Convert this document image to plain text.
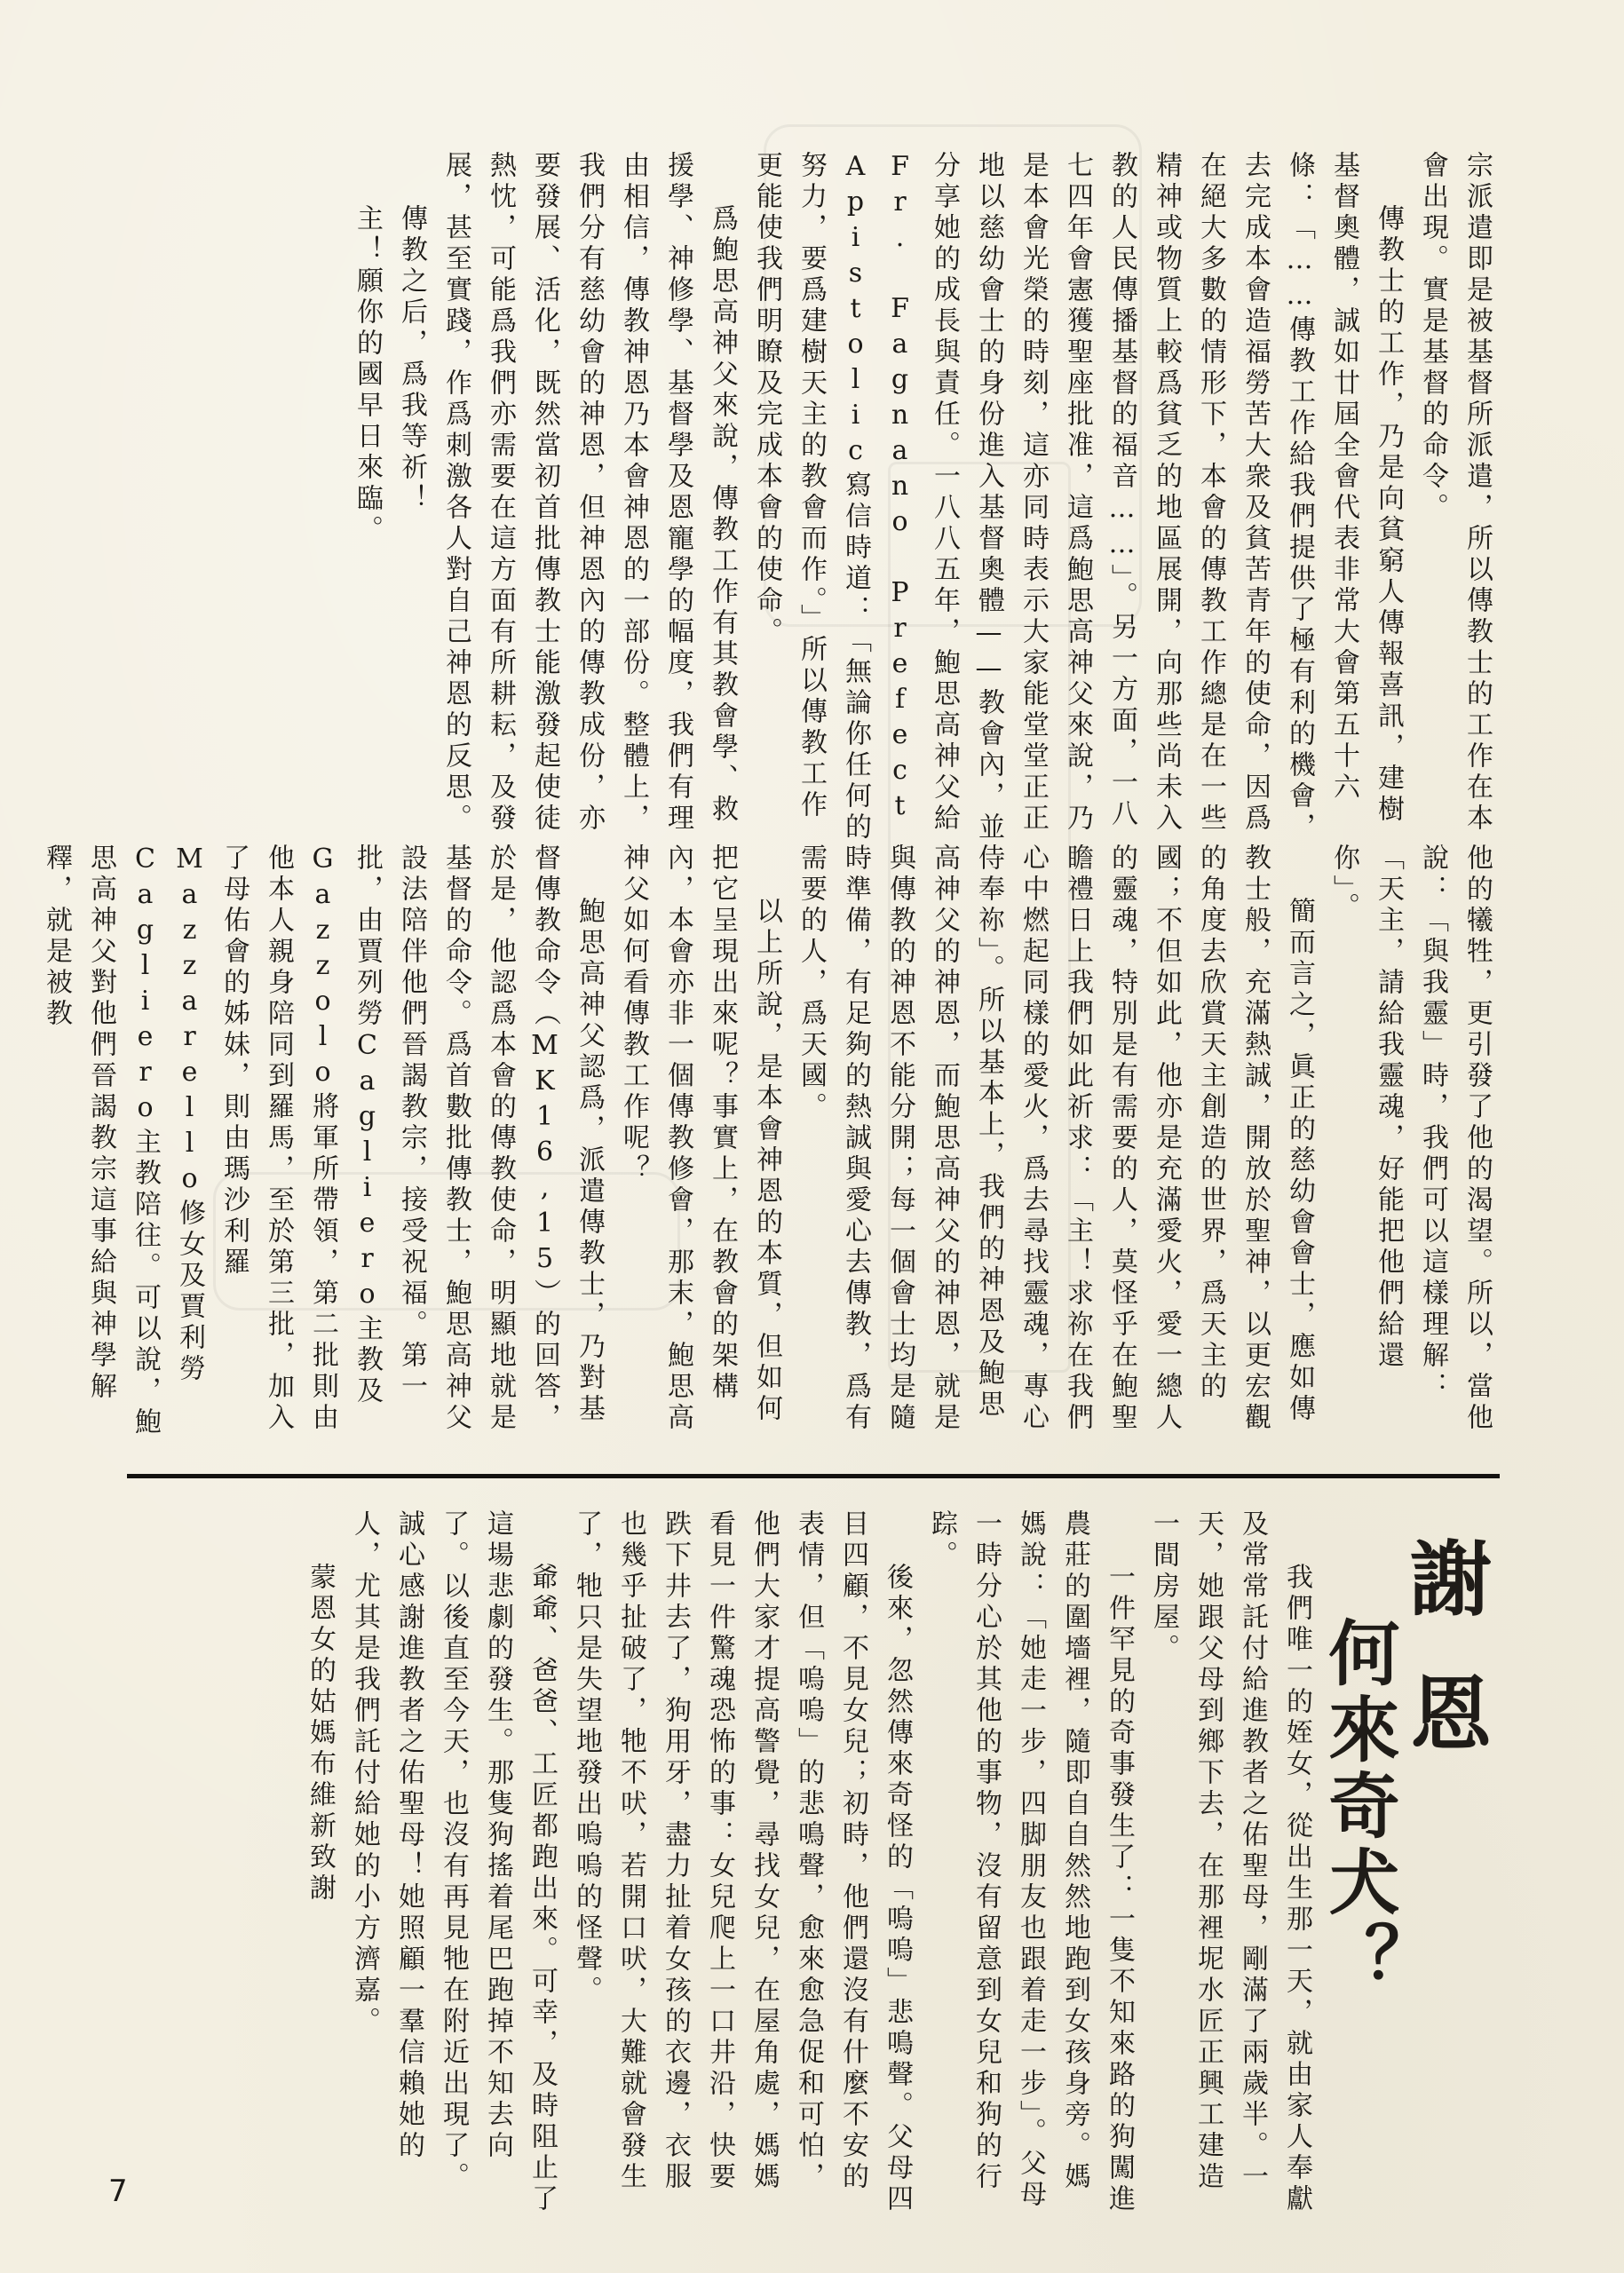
宗派遣即是被基督所派遣，所以傳教士的工作在本會出現。實是基督的命令。

傳教士的工作，乃是向貧窮人傳報喜訊，建樹基督奧體，誠如廿屆全會代表非常大會第五十六條：「……傳教工作給我們提供了極有利的機會，去完成本會造福勞苦大衆及貧苦青年的使命，因爲在絕大多數的情形下，本會的傳教工作總是在一些精神或物質上較爲貧乏的地區展開，向那些尚未入教的人民傳播基督的福音……」。另一方面，一八七四年會憲獲聖座批准，這爲鮑思高神父來說，乃是本會光榮的時刻，這亦同時表示大家能堂堂正正地以慈幼會士的身份進入基督奧體——教會內，並分享她的成長與責任。一八八五年，鮑思高神父給Fr. Fagnano Prefect Apistolic寫信時道：「無論你任何的努力，要爲建樹天主的教會而作。」所以傳教工作更能使我們明瞭及完成本會的使命。

爲鮑思高神父來說，傳教工作有其教會學、救援學、神修學、基督學及恩寵學的幅度，我們有理由相信，傳教神恩乃本會神恩的一部份。整體上，我們分有慈幼會的神恩，但神恩內的傳教成份，亦要發展、活化，既然當初首批傳教士能激發起使徒熱忱，可能爲我們亦需要在這方面有所耕耘，及發展，甚至實踐，作爲刺激各人對自己神恩的反思。

傳教之后，爲我等祈！

主！願你的國早日來臨。

他的犧牲，更引發了他的渴望。所以，當他說：「與我靈」時，我們可以這樣理解：「天主，請給我靈魂，好能把他們給還你」。

簡而言之，眞正的慈幼會會士，應如傳教士般，充滿熱誠，開放於聖神，以更宏觀的角度去欣賞天主創造的世界，爲天主的國；不但如此，他亦是充滿愛火，愛一總人的靈魂，特別是有需要的人，莫怪乎在鮑聖瞻禮日上我們如此祈求：「主！求祢在我們心中燃起同樣的愛火，爲去尋找靈魂，專心侍奉祢」。所以基本上，我們的神恩及鮑思高神父的神恩，而鮑思高神父的神恩，就是與傳教的神恩不能分開；每一個會士均是隨時準備，有足夠的熱誠與愛心去傳教，爲有需要的人，爲天國。

以上所說，是本會神恩的本質，但如何把它呈現出來呢？事實上，在教會的架構內，本會亦非一個傳教修會，那末，鮑思高神父如何看傳教工作呢？

鮑思高神父認爲，派遣傳教士，乃對基督傳教命令（MK16,15）的回答，於是，他認爲本會的傳教使命，明顯地就是基督的命令。爲首數批傳教士，鮑思高神父設法陪伴他們晉謁教宗，接受祝福。第一批，由賈列勞Cagliero主教及Gazzolo將軍所帶領，第二批則由他本人親身陪同到羅馬，至於第三批，加入了母佑會的姊妹，則由瑪沙利羅Mazzarello修女及賈利勞Cagliero主教陪往。可以說，鮑思高神父對他們晉謁教宗這事給與神學解釋，就是被教

謝恩
何來奇犬？

我們唯一的姪女，從出生那一天，就由家人奉獻及常常託付給進教者之佑聖母，剛滿了兩歲半。一天，她跟父母到鄉下去，在那裡坭水匠正興工建造一間房屋。

一件罕見的奇事發生了：一隻不知來路的狗闖進農莊的圍墻裡，隨即自自然然地跑到女孩身旁。媽媽說：「她走一步，四脚朋友也跟着走一步」。父母一時分心於其他的事物，沒有留意到女兒和狗的行踪。

後來，忽然傳來奇怪的「嗚嗚」悲鳴聲。父母四目四顧，不見女兒；初時，他們還沒有什麼不安的表情，但「嗚嗚」的悲鳴聲，愈來愈急促和可怕，他們大家才提高警覺，尋找女兒，在屋角處，媽媽看見一件驚魂恐怖的事：女兒爬上一口井沿，快要跌下井去了，狗用牙，盡力扯着女孩的衣邊，衣服也幾乎扯破了，牠不吠，若開口吠，大難就會發生了，牠只是失望地發出嗚嗚的怪聲。

爺爺、爸爸、工匠都跑出來。可幸，及時阻止了這場悲劇的發生。那隻狗搖着尾巴跑掉不知去向了。以後直至今天，也沒有再見牠在附近出現了。誠心感謝進教者之佑聖母！她照顧一羣信賴她的人，尤其是我們託付給她的小方濟嘉。

蒙恩女的姑媽布維新致謝

7
